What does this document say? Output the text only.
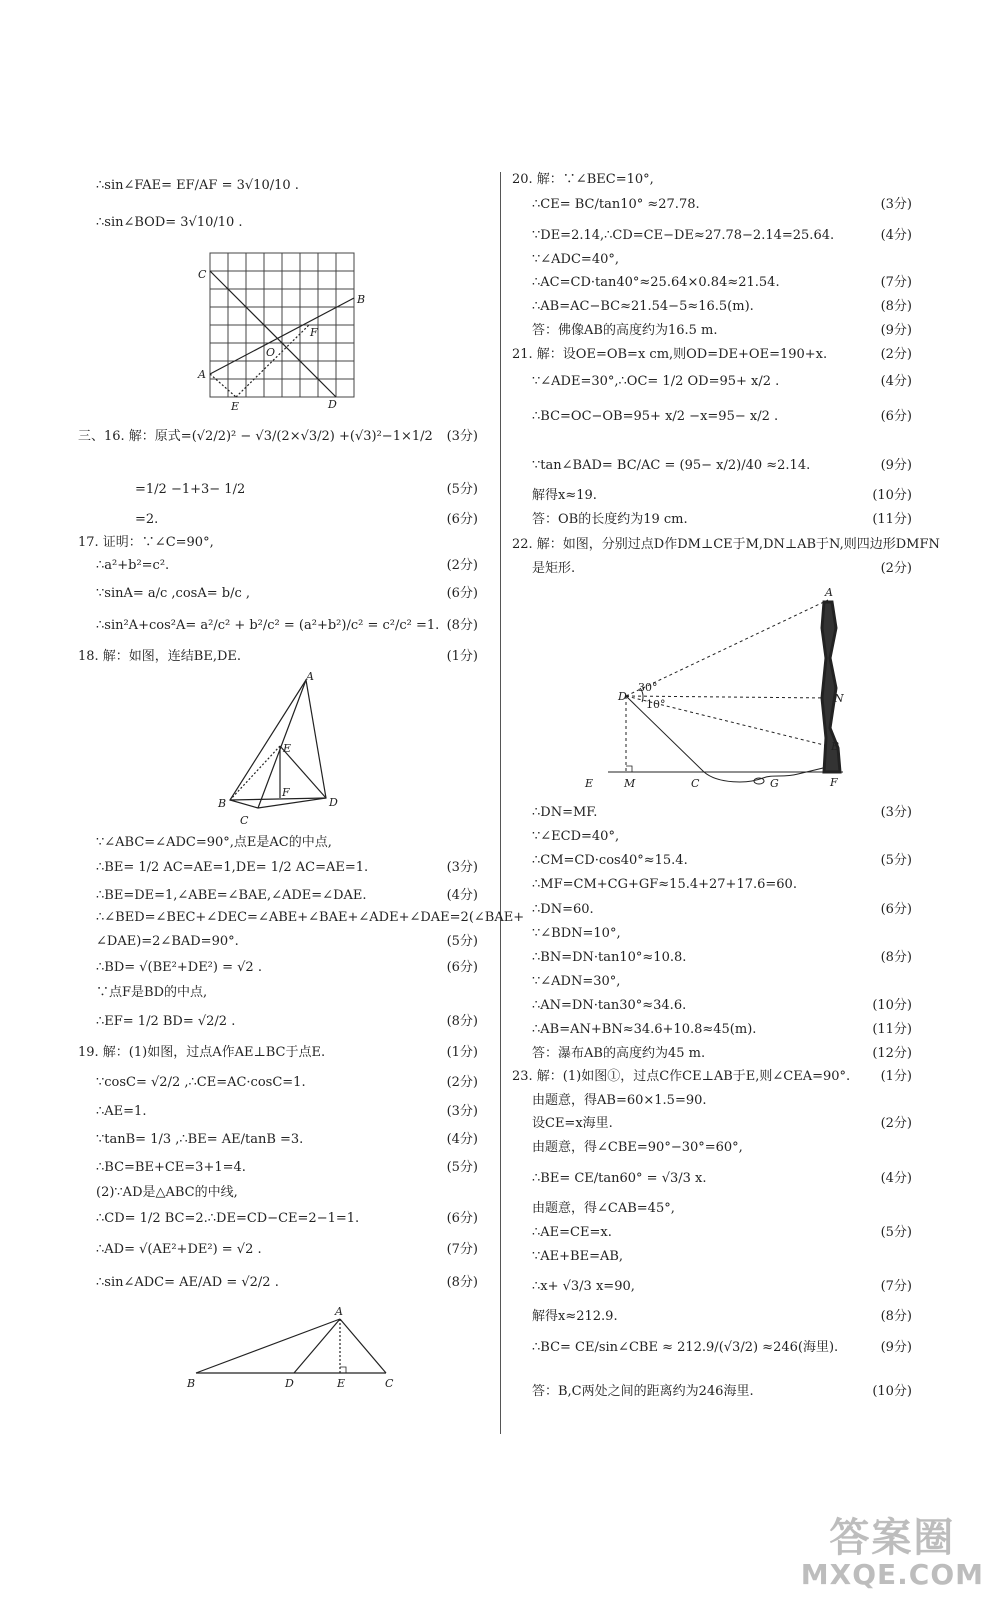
∴sin∠FAE= EF/AF = 3√10/10 .
∴sin∠BOD= 3√10/10 .
三、16. 解：原式=(√2/2)² − √3/(2×√3/2) +(√3)²−1×1/2 (3分)
=1/2 −1+3− 1/2	(5分)
=2.	(6分)
17. 证明：∵∠C=90°,
∴a²+b²=c².	(2分)
∵sinA= a/c ,cosA= b/c ,	(6分)
∴sin²A+cos²A= a²/c² + b²/c² = (a²+b²)/c² = c²/c² =1. (8分)
18. 解：如图，连结BE,DE.	(1分)
∵∠ABC=∠ADC=90°,点E是AC的中点,
∴BE= 1/2 AC=AE=1,DE= 1/2 AC=AE=1.	(3分)
∴BE=DE=1,∠ABE=∠BAE,∠ADE=∠DAE.	(4分)
∴∠BED=∠BEC+∠DEC=∠ABE+∠BAE+∠ADE+∠DAE=2(∠BAE+
∠DAE)=2∠BAD=90°.	(5分)
∴BD= √(BE²+DE²) = √2 .	(6分)
∵点F是BD的中点,
∴EF= 1/2 BD= √2/2 .	(8分)
19. 解：(1)如图，过点A作AE⊥BC于点E.	(1分)
∵cosC= √2/2 ,∴CE=AC·cosC=1.	(2分)
∴AE=1.	(3分)
∵tanB= 1/3 ,∴BE= AE/tanB =3.	(4分)
∴BC=BE+CE=3+1=4.	(5分)
(2)∵AD是△ABC的中线,
∴CD= 1/2 BC=2.∴DE=CD−CE=2−1=1.	(6分)
∴AD= √(AE²+DE²) = √2 .	(7分)
∴sin∠ADC= AE/AD = √2/2 .	(8分)
20. 解：∵∠BEC=10°,
∴CE= BC/tan10° ≈27.78.	(3分)
∵DE=2.14,∴CD=CE−DE≈27.78−2.14=25.64.	(4分)
∵∠ADC=40°,
∴AC=CD·tan40°≈25.64×0.84≈21.54.	(7分)
∴AB=AC−BC≈21.54−5≈16.5(m).	(8分)
答：佛像AB的高度约为16.5 m.	(9分)
21. 解：设OE=OB=x cm,则OD=DE+OE=190+x.	(2分)
∵∠ADE=30°,∴OC= 1/2 OD=95+ x/2 .	(4分)
∴BC=OC−OB=95+ x/2 −x=95− x/2 .	(6分)
∵tan∠BAD= BC/AC = (95− x/2)/40 ≈2.14.	(9分)
解得x≈19.	(10分)
答：OB的长度约为19 cm.	(11分)
22. 解：如图，分别过点D作DM⊥CE于M,DN⊥AB于N,则四边形DMFN
是矩形.	(2分)
∴DN=MF.	(3分)
∵∠ECD=40°,
∴CM=CD·cos40°≈15.4.	(5分)
∴MF=CM+CG+GF≈15.4+27+17.6=60.
∴DN=60.	(6分)
∵∠BDN=10°,
∴BN=DN·tan10°≈10.8.	(8分)
∵∠ADN=30°,
∴AN=DN·tan30°≈34.6.	(10分)
∴AB=AN+BN≈34.6+10.8≈45(m).	(11分)
答：瀑布AB的高度约为45 m.	(12分)
23. 解：(1)如图①，过点C作CE⊥AB于E,则∠CEA=90°. (1分)
由题意，得AB=60×1.5=90.
设CE=x海里.	(2分)
由题意，得∠CBE=90°−30°=60°,
∴BE= CE/tan60° = √3/3 x.	(4分)
由题意，得∠CAB=45°,
∴AE=CE=x.	(5分)
∵AE+BE=AB,
∴x+ √3/3 x=90,	(7分)
解得x≈212.9.	(8分)
∴BC= CE/sin∠CBE ≈ 212.9/(√3/2) ≈246(海里).	(9分)
答：B,C两处之间的距离约为246海里.	(10分)
C
B
F
O
A
E	D
A
E
F
B
C
D
A
B	D	E	C
A
N
B
F
D
E	M	C	G
30°
10°
答案圈
MXQE.COM
